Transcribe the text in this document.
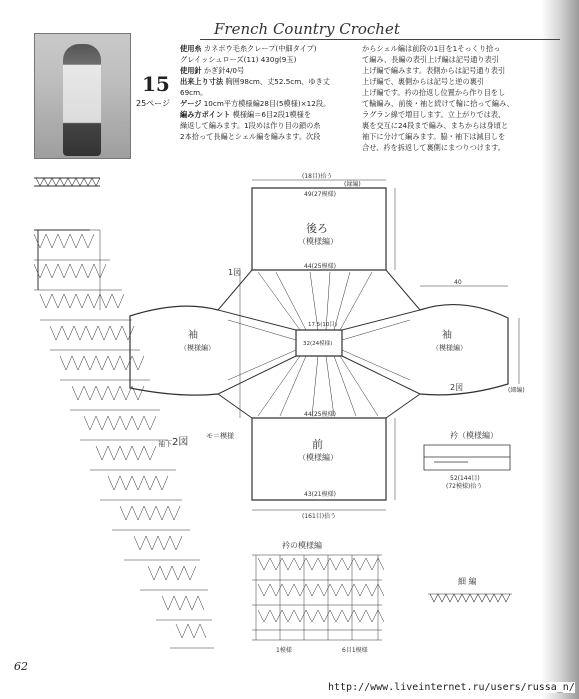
French Country Crochet
15
25ページ
使用糸 カネボウ毛糸クレープ(中細タイプ)
グレイッシュローズ(11) 430g(9玉)
使用針 かぎ針4/0号
出来上り寸法 胸囲98cm、丈52.5cm、ゆき丈
69cm。
ゲージ 10cm平方模様編28目(5模様)×12段。
編み方ポイント 模様編＝6目2段1模様を
繰返して編みます。1段めは作り目の鎖の糸
2本拾って長編とシェル編を編みます。次段
からシェル編は前段の1目を1そっくり拾っ
て編み、長編の表引上げ編は記号通り表引
上げ編で編みます。表側からは記号通り表引
上げ編で、裏側からは記号と逆の裏引
上げ編です。衿の拾返し位置から作り目をし
て輪編み、前後・袖と続けて輪に拾って編み、
ラグラン線で増目します。立上がりでは表、
裏を交互に24段まで編み、まちからは身頃と
袖下に分けて編みます。脇・袖下は減目しを
合せ、衿を拆返して裏側にまつりつけます。
後ろ
（模様編）
前
（模様編）
袖
（模様編）
袖
（模様編）
(18目)拾う
49(27模様)
(縁編)
44(25模様)
44(25模様)
43(21模様)
(161目)拾う
32(24模様)
17.5(10目)
1図
2図
2図
40
(細編)
衿（模様編）
52(144目)
(72模様)拾う
モ＝模様
袖下
衿の模様編
1模様	6目1模様
細 編
62
http://www.liveinternet.ru/users/russa_n/
